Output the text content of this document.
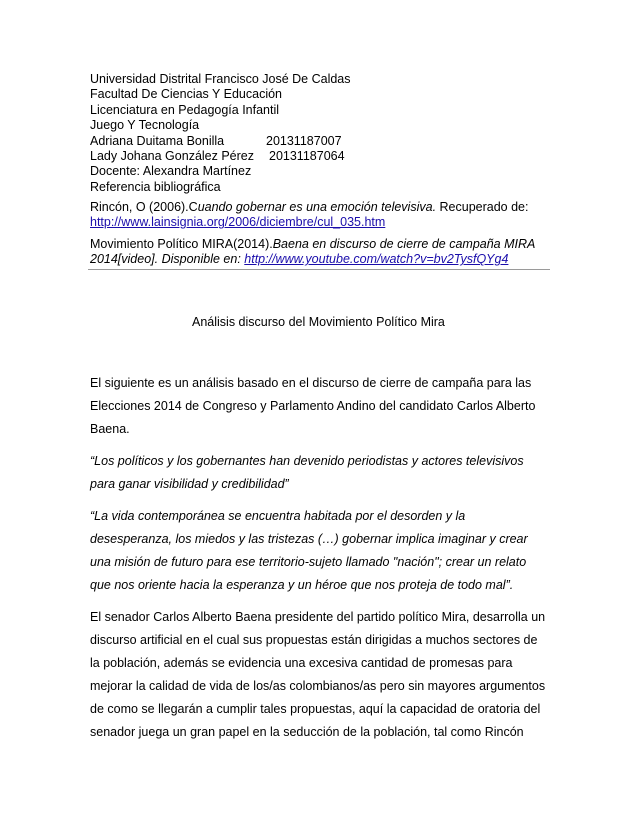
Universidad Distrital Francisco José De Caldas
Facultad De Ciencias Y Educación
Licenciatura en Pedagogía Infantil
Juego Y Tecnología
Adriana Duitama Bonilla	20131187007
Lady Johana González Pérez 20131187064
Docente: Alexandra Martínez
Referencia bibliográfica
Rincón, O (2006).Cuando gobernar es una emoción televisiva. Recuperado de:
http://www.lainsignia.org/2006/diciembre/cul_035.htm
Movimiento Político MIRA(2014).Baena en discurso de cierre de campaña MIRA 2014[video]. Disponible en: http://www.youtube.com/watch?v=bv2TysfQYg4
Análisis discurso del Movimiento Político Mira

El siguiente es un análisis basado en el discurso de cierre de campaña para las Elecciones 2014 de Congreso y Parlamento Andino del candidato Carlos Alberto Baena.

“Los políticos y los gobernantes han devenido periodistas y actores televisivos para ganar visibilidad y credibilidad”

“La vida contemporánea se encuentra habitada por el desorden y la desesperanza, los miedos y las tristezas (…) gobernar implica imaginar y crear una misión de futuro para ese territorio-sujeto llamado "nación"; crear un relato que nos oriente hacia la esperanza y un héroe que nos proteja de todo mal”.

El senador Carlos Alberto Baena presidente del partido político Mira, desarrolla un discurso artificial en el cual sus propuestas están dirigidas a muchos sectores de la población, además se evidencia una excesiva cantidad de promesas para mejorar la calidad de vida de los/as colombianos/as pero sin mayores argumentos de como se llegarán a cumplir tales propuestas, aquí la capacidad de oratoria del senador juega un gran papel en la seducción de la población, tal como Rincón
